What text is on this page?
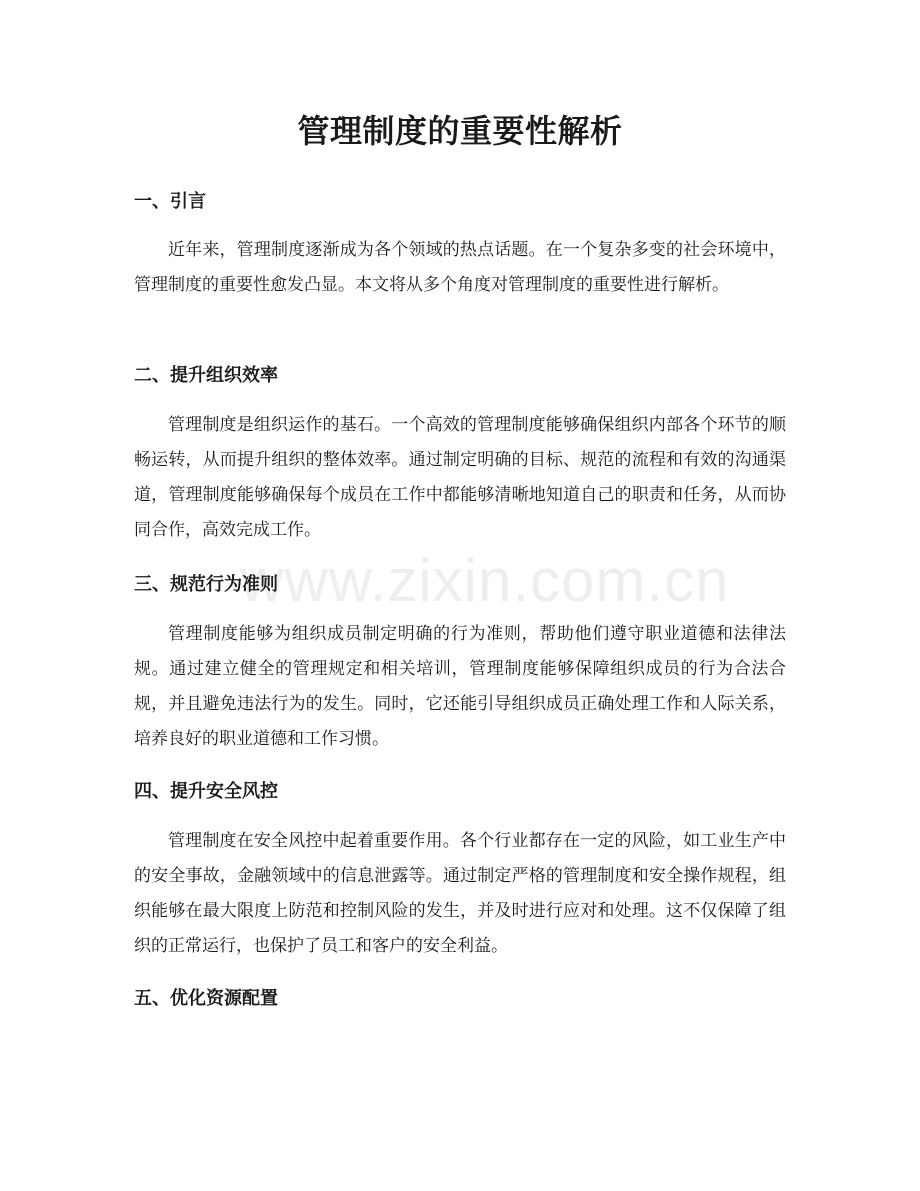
www.zixin.com.cn
管理制度的重要性解析
一、引言

近年来，管理制度逐渐成为各个领域的热点话题。在一个复杂多变的社会环境中，管理制度的重要性愈发凸显。本文将从多个角度对管理制度的重要性进行解析。

二、提升组织效率

管理制度是组织运作的基石。一个高效的管理制度能够确保组织内部各个环节的顺畅运转，从而提升组织的整体效率。通过制定明确的目标、规范的流程和有效的沟通渠道，管理制度能够确保每个成员在工作中都能够清晰地知道自己的职责和任务，从而协同合作，高效完成工作。

三、规范行为准则

管理制度能够为组织成员制定明确的行为准则，帮助他们遵守职业道德和法律法规。通过建立健全的管理规定和相关培训，管理制度能够保障组织成员的行为合法合规，并且避免违法行为的发生。同时，它还能引导组织成员正确处理工作和人际关系，培养良好的职业道德和工作习惯。

四、提升安全风控

管理制度在安全风控中起着重要作用。各个行业都存在一定的风险，如工业生产中的安全事故，金融领域中的信息泄露等。通过制定严格的管理制度和安全操作规程，组织能够在最大限度上防范和控制风险的发生，并及时进行应对和处理。这不仅保障了组织的正常运行，也保护了员工和客户的安全利益。

五、优化资源配置
